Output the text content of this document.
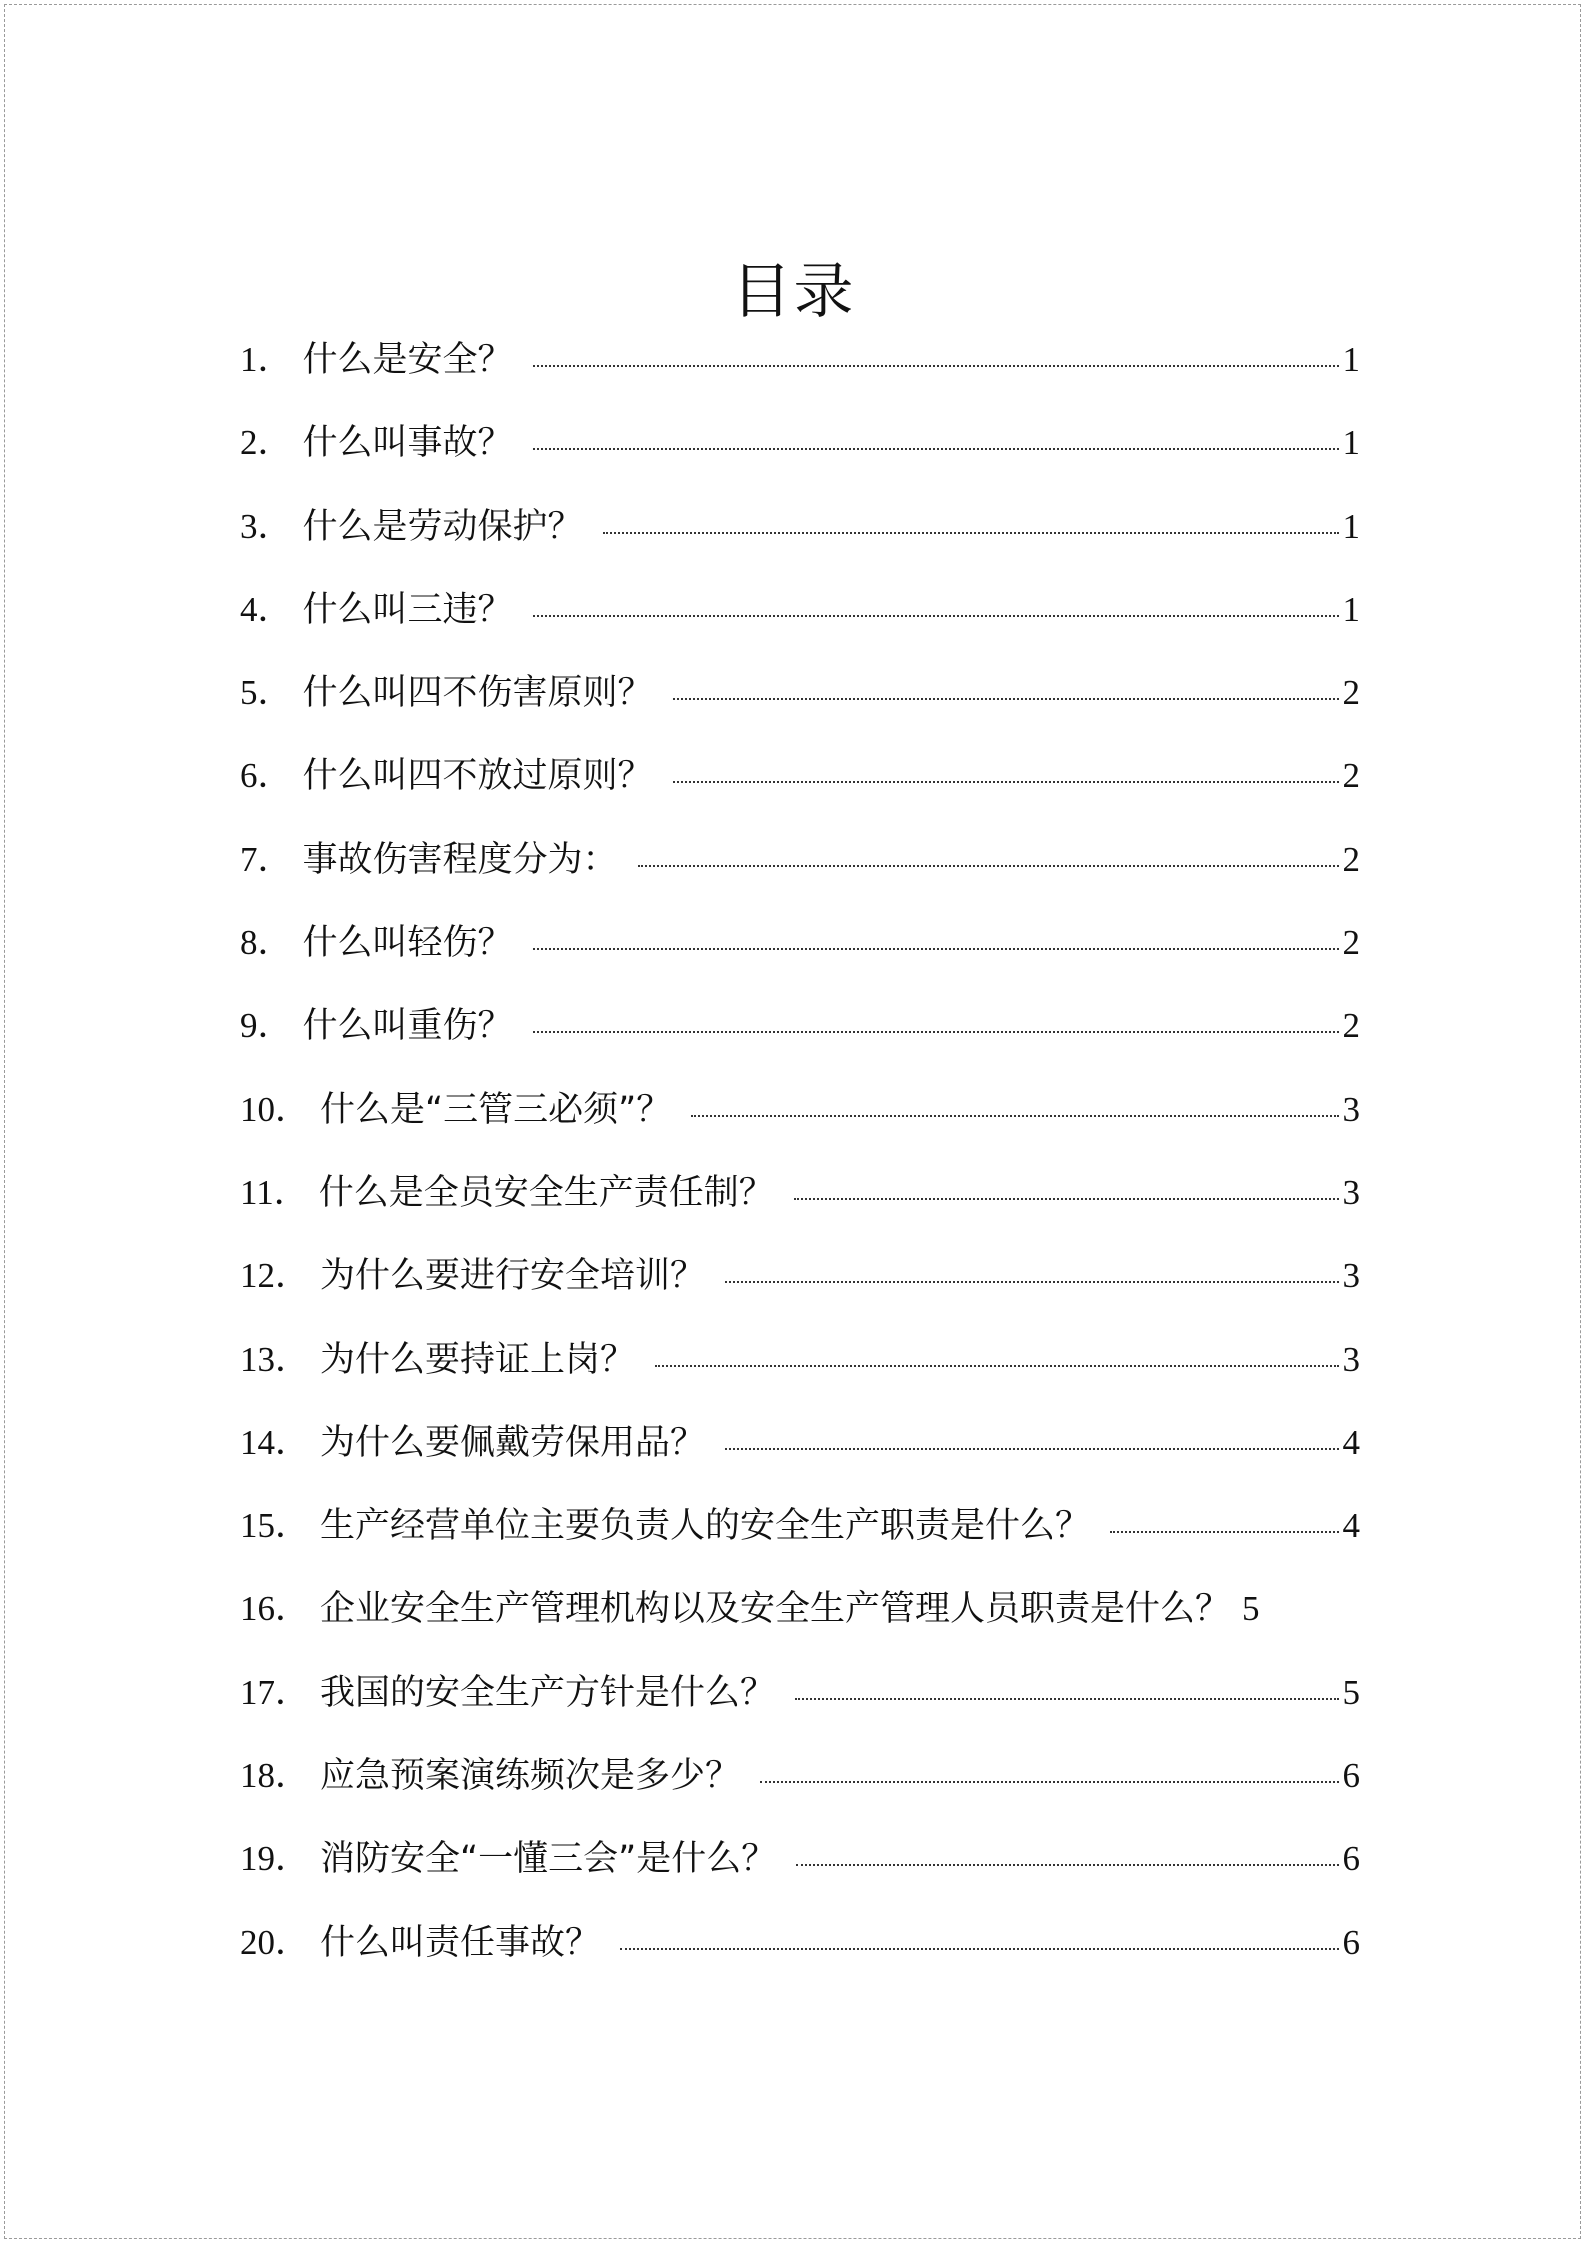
目录
1 ． 什么是安全？	1
2 ． 什么叫事故？	1
3 ． 什么是劳动保护？	1
4 ． 什么叫三违？	1
5 ． 什么叫四不伤害原则？	2
6 ． 什么叫四不放过原则？	2
7 ． 事故伤害程度分为：	2
8 ． 什么叫轻伤？	2
9 ． 什么叫重伤？	2
10 ． 什么是“三管三必须”？	3
11 ． 什么是全员安全生产责任制？	3
12 ． 为什么要进行安全培训？	3
13 ． 为什么要持证上岗？	3
14 ． 为什么要佩戴劳保用品？	4
15 ． 生产经营单位主要负责人的安全生产职责是什么？	4
16 ． 企业安全生产管理机构以及安全生产管理人员职责是什么？ 5
17 ． 我国的安全生产方针是什么？	5
18 ． 应急预案演练频次是多少？	6
19 ． 消防安全“一懂三会”是什么？	6
20 ． 什么叫责任事故？	6
